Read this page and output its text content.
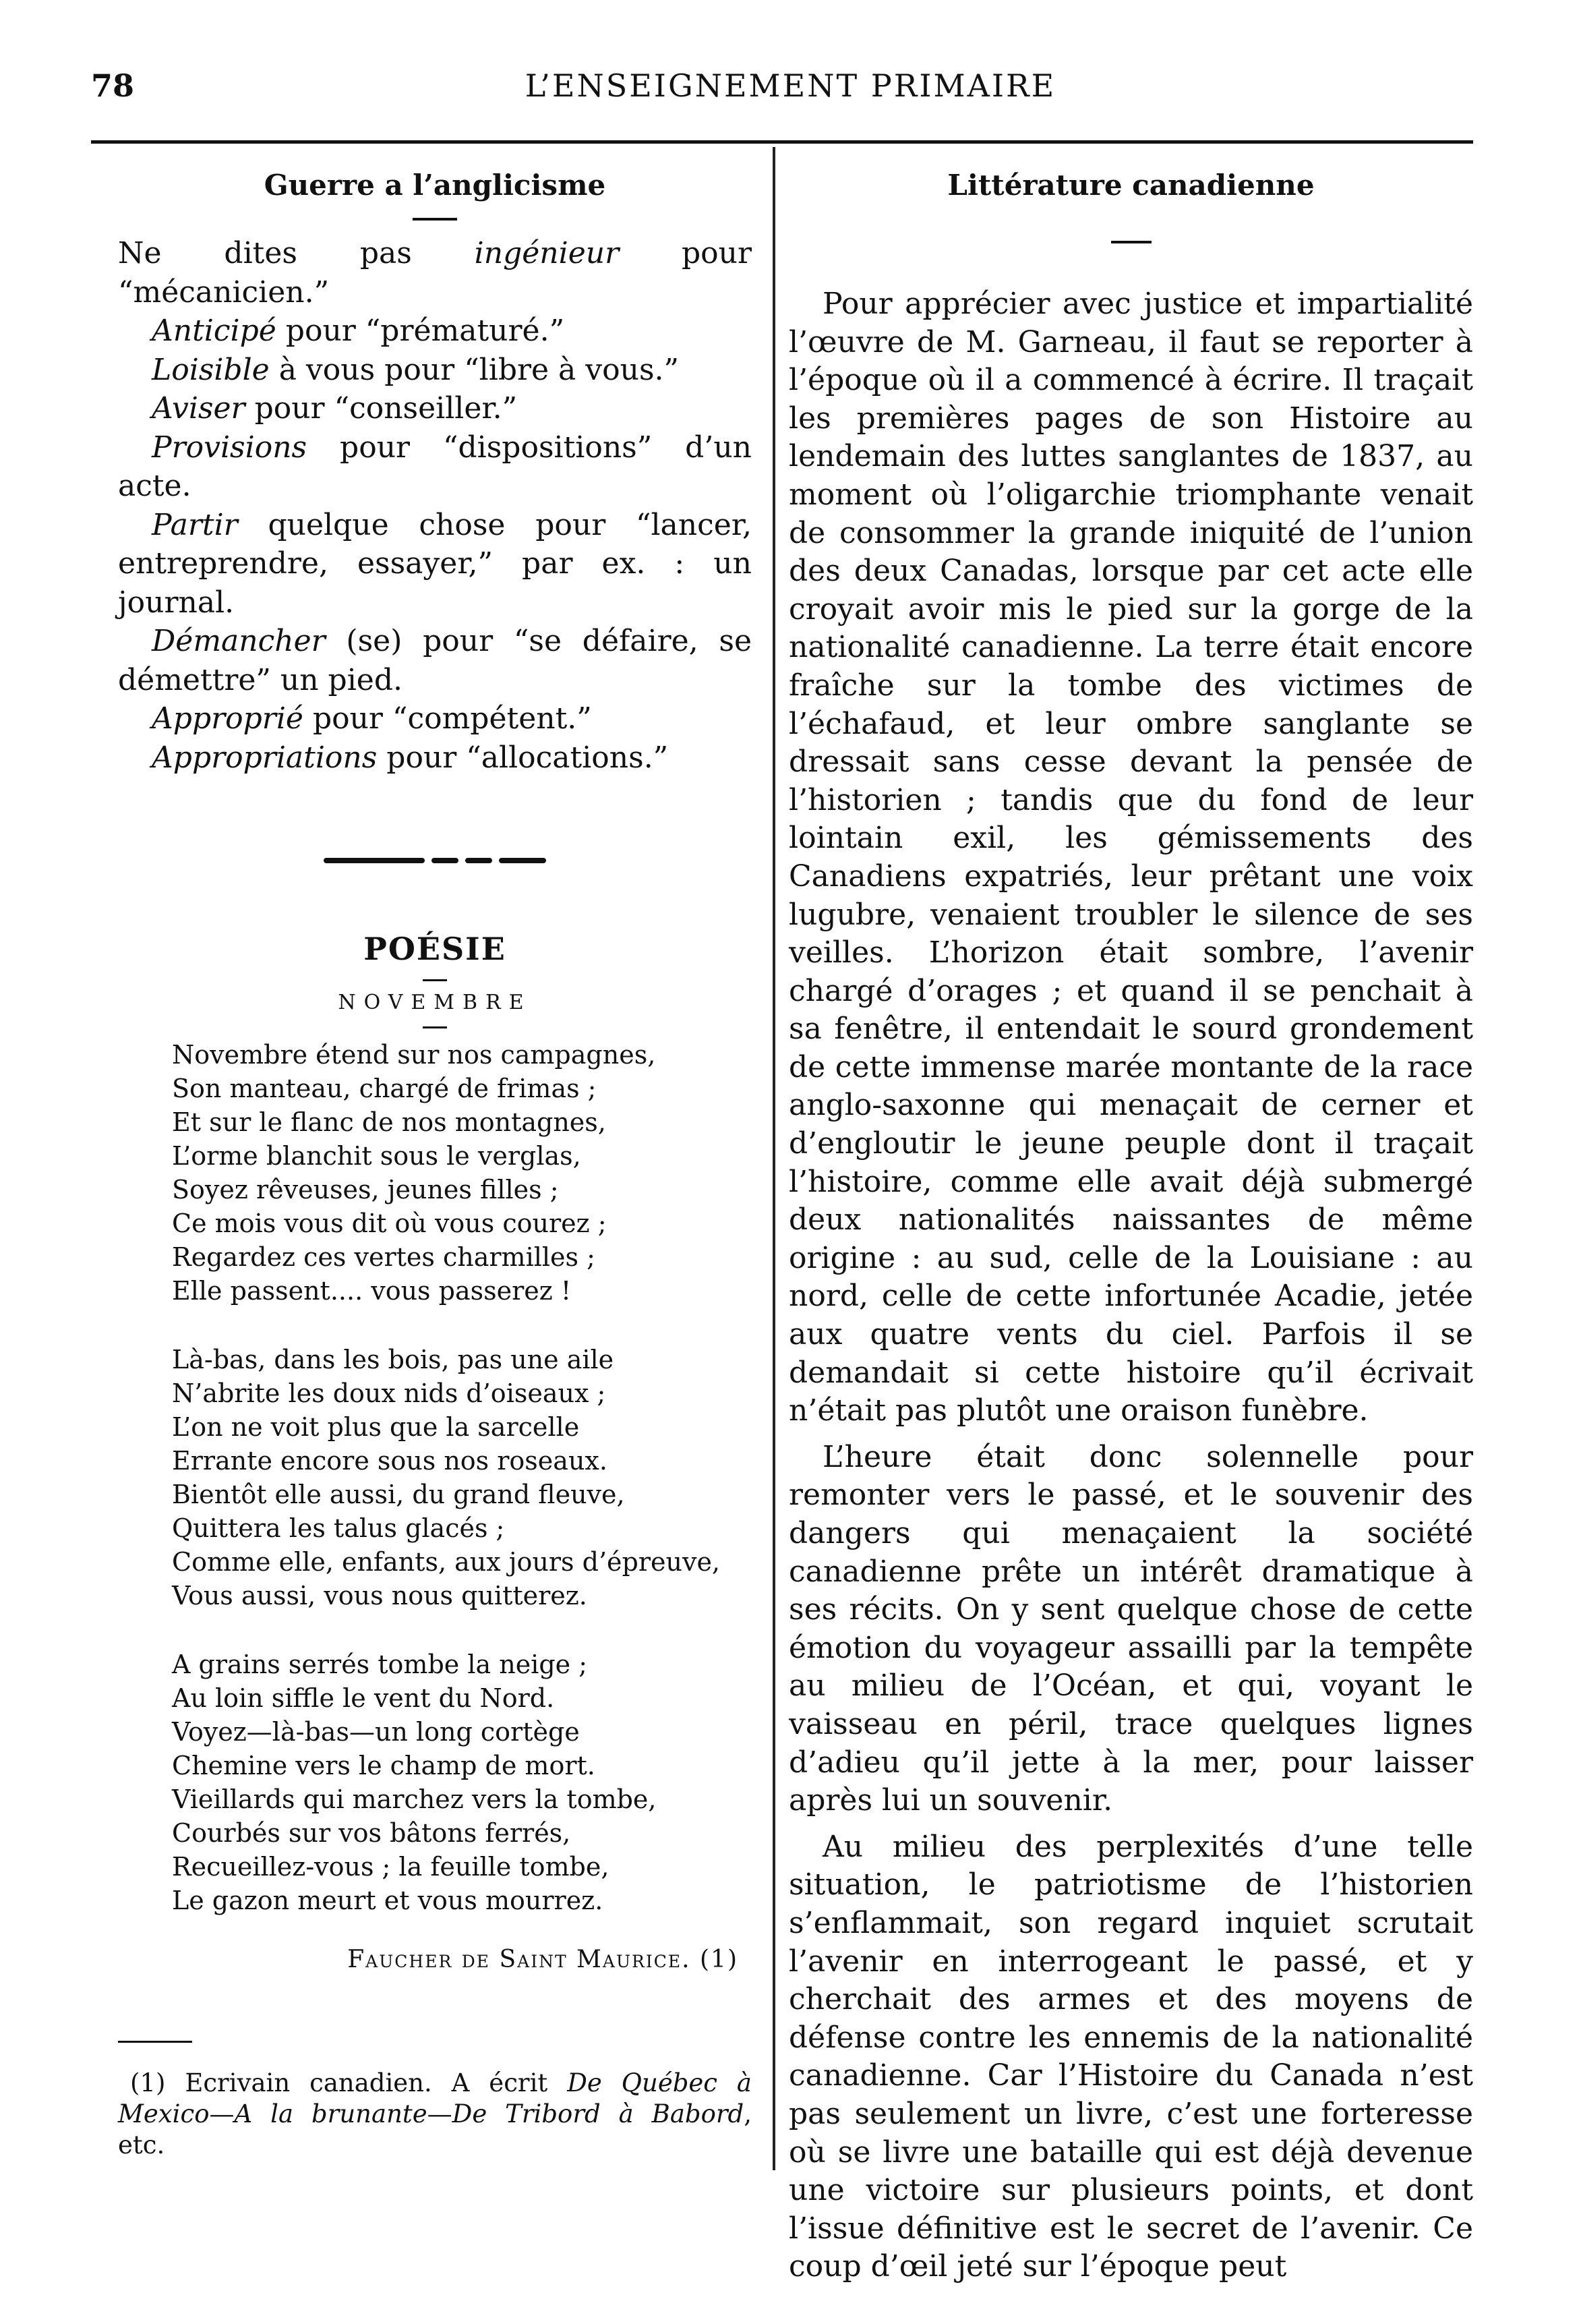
78	L’ENSEIGNEMENT PRIMAIRE
Guerre a l’anglicisme

Ne dites pas ingénieur pour “mécanicien.”

Anticipé pour “prématuré.”

Loisible à vous pour “libre à vous.”

Aviser pour “conseiller.”

Provisions pour “dispositions” d’un acte.

Partir quelque chose pour “lancer, entreprendre, essayer,” par ex. : un journal.

Démancher (se) pour “se défaire, se démettre” un pied.

Approprié pour “compétent.”

Appropriations pour “allocations.”

POÉSIE
NOVEMBRE
Novembre étend sur nos campagnes,
Son manteau, chargé de frimas ;
Et sur le flanc de nos montagnes,
L’orme blanchit sous le verglas,
Soyez rêveuses, jeunes filles ;
Ce mois vous dit où vous courez ;
Regardez ces vertes charmilles ;
Elle passent.... vous passerez !
Là-bas, dans les bois, pas une aile
N’abrite les doux nids d’oiseaux ;
L’on ne voit plus que la sarcelle
Errante encore sous nos roseaux.
Bientôt elle aussi, du grand fleuve,
Quittera les talus glacés ;
Comme elle, enfants, aux jours d’épreuve,
Vous aussi, vous nous quitterez.
A grains serrés tombe la neige ;
Au loin siffle le vent du Nord.
Voyez—là-bas—un long cortège
Chemine vers le champ de mort.
Vieillards qui marchez vers la tombe,
Courbés sur vos bâtons ferrés,
Recueillez-vous ; la feuille tombe,
Le gazon meurt et vous mourrez.
Faucher de Saint Maurice. (1)

(1) Ecrivain canadien. A écrit De Québec à Mexico—A la brunante—De Tribord à Babord, etc.

Littérature canadienne

Pour apprécier avec justice et impartialité l’œuvre de M. Garneau, il faut se reporter à l’époque où il a commencé à écrire. Il traçait les premières pages de son Histoire au lendemain des luttes sanglantes de 1837, au moment où l’oligarchie triomphante venait de consommer la grande iniquité de l’union des deux Canadas, lorsque par cet acte elle croyait avoir mis le pied sur la gorge de la nationalité canadienne. La terre était encore fraîche sur la tombe des victimes de l’échafaud, et leur ombre sanglante se dressait sans cesse devant la pensée de l’historien ; tandis que du fond de leur lointain exil, les gémissements des Canadiens expatriés, leur prêtant une voix lugubre, venaient troubler le silence de ses veilles. L’horizon était sombre, l’avenir chargé d’orages ; et quand il se penchait à sa fenêtre, il entendait le sourd grondement de cette immense marée montante de la race anglo-saxonne qui menaçait de cerner et d’engloutir le jeune peuple dont il traçait l’histoire, comme elle avait déjà submergé deux nationalités naissantes de même origine : au sud, celle de la Louisiane : au nord, celle de cette infortunée Acadie, jetée aux quatre vents du ciel. Parfois il se demandait si cette histoire qu’il écrivait n’était pas plutôt une oraison funèbre.

L’heure était donc solennelle pour remonter vers le passé, et le souvenir des dangers qui menaçaient la société canadienne prête un intérêt dramatique à ses récits. On y sent quelque chose de cette émotion du voyageur assailli par la tempête au milieu de l’Océan, et qui, voyant le vaisseau en péril, trace quelques lignes d’adieu qu’il jette à la mer, pour laisser après lui un souvenir.

Au milieu des perplexités d’une telle situation, le patriotisme de l’historien s’enflammait, son regard inquiet scrutait l’avenir en interrogeant le passé, et y cherchait des armes et des moyens de défense contre les ennemis de la nationalité canadienne. Car l’Histoire du Canada n’est pas seulement un livre, c’est une forteresse où se livre une bataille qui est déjà devenue une victoire sur plusieurs points, et dont l’issue définitive est le secret de l’avenir. Ce coup d’œil jeté sur l’époque peut
